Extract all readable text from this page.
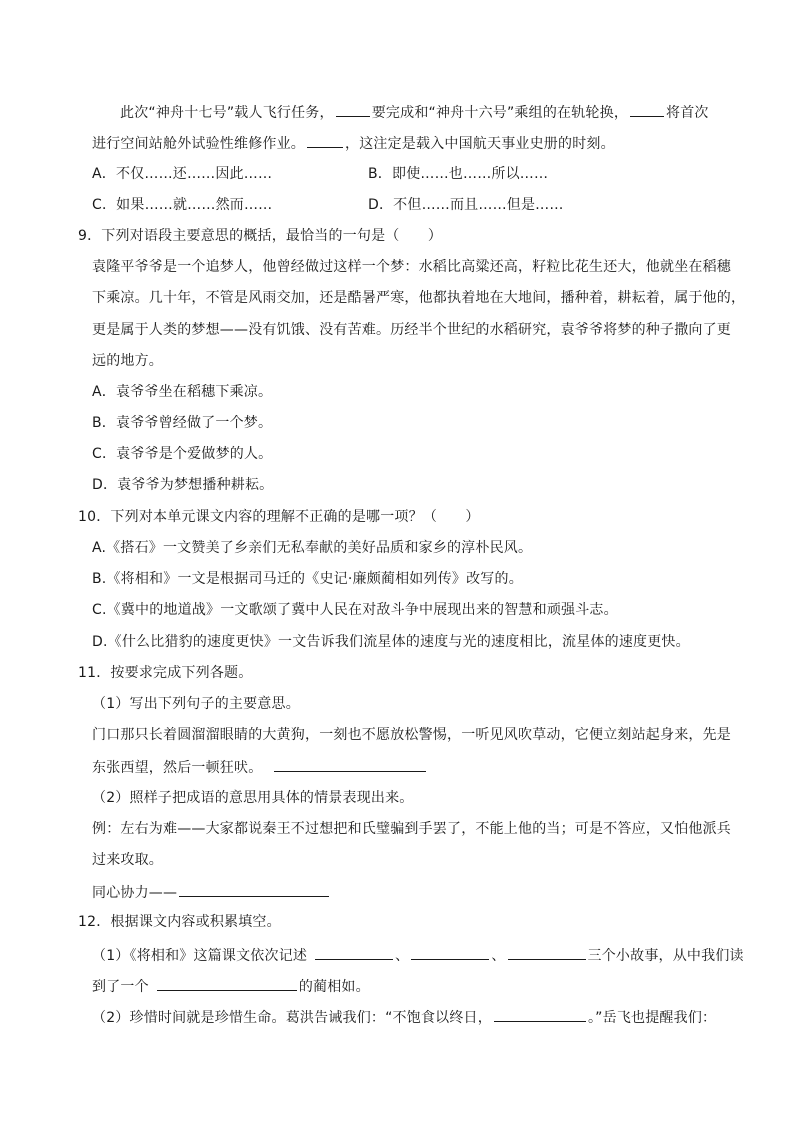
此次“神舟十七号”载人飞行任务，	要完成和“神舟十六号”乘组的在轨轮换，	将首次
进行空间站舱外试验性维修作业。	，这注定是载入中国航天事业史册的时刻。
A．不仅……还……因此……	B．即使……也……所以……
C．如果……就……然而……	D．不但……而且……但是……
9．下列对语段主要意思的概括，最恰当的一句是（　　）
袁隆平爷爷是一个追梦人，他曾经做过这样一个梦：水稻比高粱还高，籽粒比花生还大，他就坐在稻穗
下乘凉。几十年，不管是风雨交加，还是酷暑严寒，他都执着地在大地间，播种着，耕耘着，属于他的，
更是属于人类的梦想——没有饥饿、没有苦难。历经半个世纪的水稻研究，袁爷爷将梦的种子撒向了更
远的地方。
A．袁爷爷坐在稻穗下乘凉。
B．袁爷爷曾经做了一个梦。
C．袁爷爷是个爱做梦的人。
D．袁爷爷为梦想播种耕耘。
10．下列对本单元课文内容的理解不正确的是哪一项？（　　）
A.《搭石》一文赞美了乡亲们无私奉献的美好品质和家乡的淳朴民风。
B.《将相和》一文是根据司马迁的《史记·廉颇蔺相如列传》改写的。
C.《冀中的地道战》一文歌颂了冀中人民在对敌斗争中展现出来的智慧和顽强斗志。
D.《什么比猎豹的速度更快》一文告诉我们流星体的速度与光的速度相比，流星体的速度更快。
11．按要求完成下列各题。
（1）写出下列句子的主要意思。
门口那只长着圆溜溜眼睛的大黄狗，一刻也不愿放松警惕，一听见风吹草动，它便立刻站起身来，先是
东张西望，然后一顿狂吠。
（2）照样子把成语的意思用具体的情景表现出来。
例：左右为难——大家都说秦王不过想把和氏璧骗到手罢了，不能上他的当；可是不答应，又怕他派兵
过来攻取。
同心协力——
12．根据课文内容或积累填空。
（1）《将相和》这篇课文依次记述	、	、	三个小故事，从中我们读
到了一个	的蔺相如。
（2）珍惜时间就是珍惜生命。葛洪告诫我们：“不饱食以终日，	。”岳飞也提醒我们：
